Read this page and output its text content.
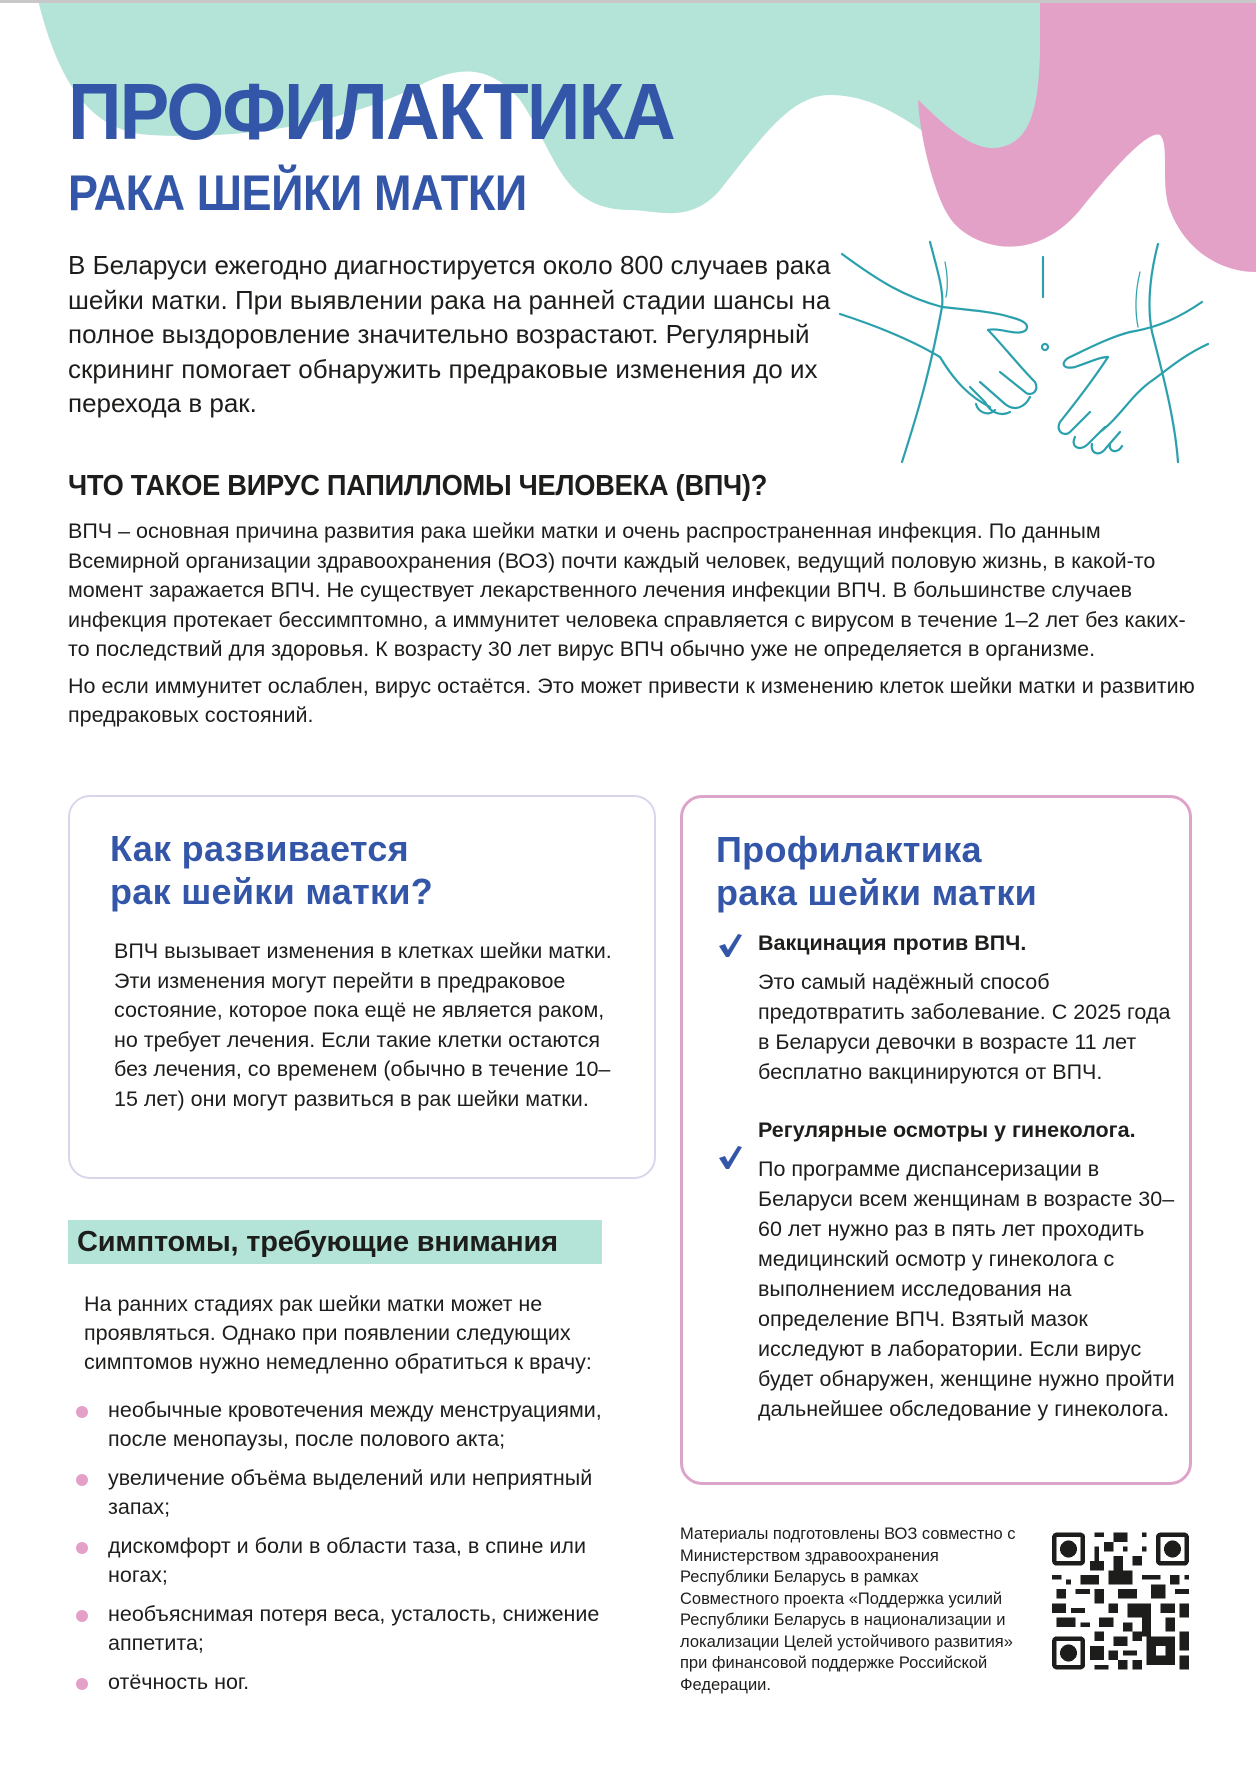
ПРОФИЛАКТИКА
РАКА ШЕЙКИ МАТКИ

В Беларуси ежегодно диагностируется около 800 случаев рака шейки матки. При выявлении рака на ранней стадии шансы на полное выздоровление значительно возрастают. Регулярный скрининг помогает обнаружить предраковые изменения до их перехода в рак.

ЧТО ТАКОЕ ВИРУС ПАПИЛЛОМЫ ЧЕЛОВЕКА (ВПЧ)?

ВПЧ – основная причина развития рака шейки матки и очень распространенная инфекция. По данным Всемирной организации здравоохранения (ВОЗ) почти каждый человек, ведущий половую жизнь, в какой-то момент заражается ВПЧ. Не существует лекарственного лечения инфекции ВПЧ. В большинстве случаев инфекция протекает бессимптомно, а иммунитет человека справляется с вирусом в течение 1–2 лет без каких-то последствий для здоровья. К возрасту 30 лет вирус ВПЧ обычно уже не определяется в организме.

Но если иммунитет ослаблен, вирус остаётся. Это может привести к изменению клеток шейки матки и развитию предраковых состояний.

Как развивается
рак шейки матки?

ВПЧ вызывает изменения в клетках шейки матки. Эти изменения могут перейти в предраковое состояние, которое пока ещё не является раком, но требует лечения. Если такие клетки остаются без лечения, со временем (обычно в течение 10–15 лет) они могут развиться в рак шейки матки.

Профилактика
рака шейки матки
Вакцинация против ВПЧ.

Это самый надёжный способ предотвратить заболевание. С 2025 года в Беларуси девочки в возрасте 11 лет бесплатно вакцинируются от ВПЧ.

Регулярные осмотры у гинеколога.

По программе диспансеризации в Беларуси всем женщинам в возрасте 30–60 лет нужно раз в пять лет проходить медицинский осмотр у гинеколога с выполнением исследования на определение ВПЧ. Взятый мазок исследуют в лаборатории. Если вирус будет обнаружен, женщине нужно пройти дальнейшее обследование у гинеколога.

Симптомы, требующие внимания

На ранних стадиях рак шейки матки может не проявляться. Однако при появлении следующих симптомов нужно немедленно обратиться к врачу:

необычные кровотечения между менструациями, после менопаузы, после полового акта;
увеличение объёма выделений или неприятный запах;
дискомфорт и боли в области таза, в спине или ногах;
необъяснимая потеря веса, усталость, снижение аппетита;
отёчность ног.

Материалы подготовлены ВОЗ совместно с Министерством здравоохранения Республики Беларусь в рамках Совместного проекта «Поддержка усилий Республики Беларусь в национализации и локализации Целей устойчивого развития» при финансовой поддержке Российской Федерации.
